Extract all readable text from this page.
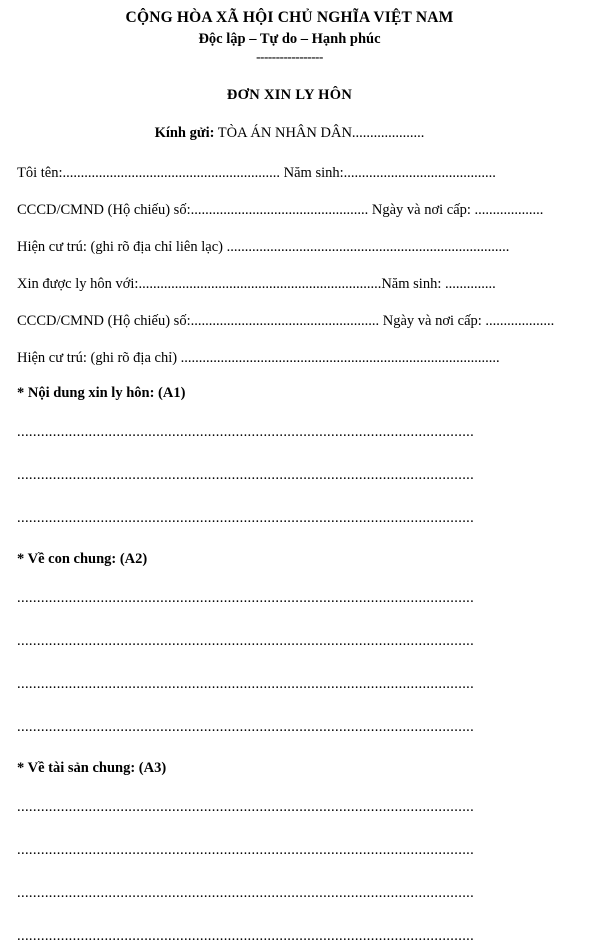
CỘNG HÒA XÃ HỘI CHỦ NGHĨA VIỆT NAM
Độc lập – Tự do – Hạnh phúc
-----------------
ĐƠN XIN LY HÔN
Kính gửi: TÒA ÁN NHÂN DÂN....................
Tôi tên:............................................................ Năm sinh:..........................................
CCCD/CMND (Hộ chiếu) số:................................................. Ngày và nơi cấp: ...................
Hiện cư trú: (ghi rõ địa chỉ liên lạc) ..............................................................................
Xin được ly hôn với:...................................................................Năm sinh: ..............
CCCD/CMND (Hộ chiếu) số:.................................................... Ngày và nơi cấp: ...................
Hiện cư trú: (ghi rõ địa chỉ) ........................................................................................
* Nội dung xin ly hôn: (A1)
...................................................................................................................
...................................................................................................................
...................................................................................................................
* Về con chung: (A2)
...................................................................................................................
...................................................................................................................
...................................................................................................................
...................................................................................................................
* Về tài sản chung: (A3)
...................................................................................................................
...................................................................................................................
...................................................................................................................
...................................................................................................................
